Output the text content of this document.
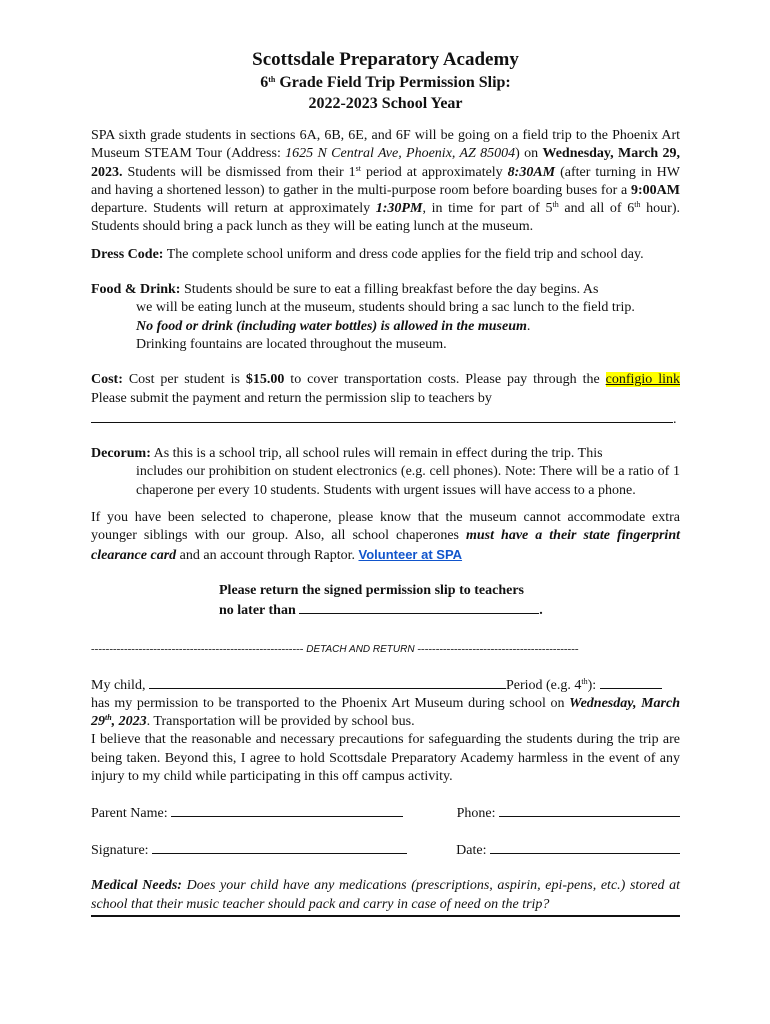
Scottsdale Preparatory Academy
6th Grade Field Trip Permission Slip:
2022-2023 School Year

SPA sixth grade students in sections 6A, 6B, 6E, and 6F will be going on a field trip to the Phoenix Art Museum STEAM Tour (Address: 1625 N Central Ave, Phoenix, AZ 85004) on Wednesday, March 29, 2023. Students will be dismissed from their 1st period at approximately 8:30AM (after turning in HW and having a shortened lesson) to gather in the multi-purpose room before boarding buses for a 9:00AM departure. Students will return at approximately 1:30PM, in time for part of 5th and all of 6th hour). Students should bring a pack lunch as they will be eating lunch at the museum.

Dress Code: The complete school uniform and dress code applies for the field trip and school day.

Food & Drink: Students should be sure to eat a filling breakfast before the day begins. As

we will be eating lunch at the museum, students should bring a sac lunch to the field trip.

No food or drink (including water bottles) is allowed in the museum.

Drinking fountains are located throughout the museum.

Cost: Cost per student is $15.00 to cover transportation costs. Please pay through the configio link Please submit the payment and return the permission slip to teachers by

.

Decorum: As this is a school trip, all school rules will remain in effect during the trip. This

includes our prohibition on student electronics (e.g. cell phones). Note: There will be a ratio of 1 chaperone per every 10 students. Students with urgent issues will have access to a phone.

If you have been selected to chaperone, please know that the museum cannot accommodate extra younger siblings with our group. Also, all school chaperones must have a their state fingerprint clearance card and an account through Raptor. Volunteer at SPA

Please return the signed permission slip to teachers

no later than	.

---------------------------------------------------------- DETACH AND RETURN --------------------------------------------

My child,	Period (e.g. 4th):

has my permission to be transported to the Phoenix Art Museum during school on Wednesday, March 29th, 2023. Transportation will be provided by school bus.

I believe that the reasonable and necessary precautions for safeguarding the students during the trip are being taken. Beyond this, I agree to hold Scottsdale Preparatory Academy harmless in the event of any injury to my child while participating in this off campus activity.

Parent Name:	Phone:
Signature:	Date:

Medical Needs: Does your child have any medications (prescriptions, aspirin, epi-pens, etc.) stored at school that their music teacher should pack and carry in case of need on the trip?
